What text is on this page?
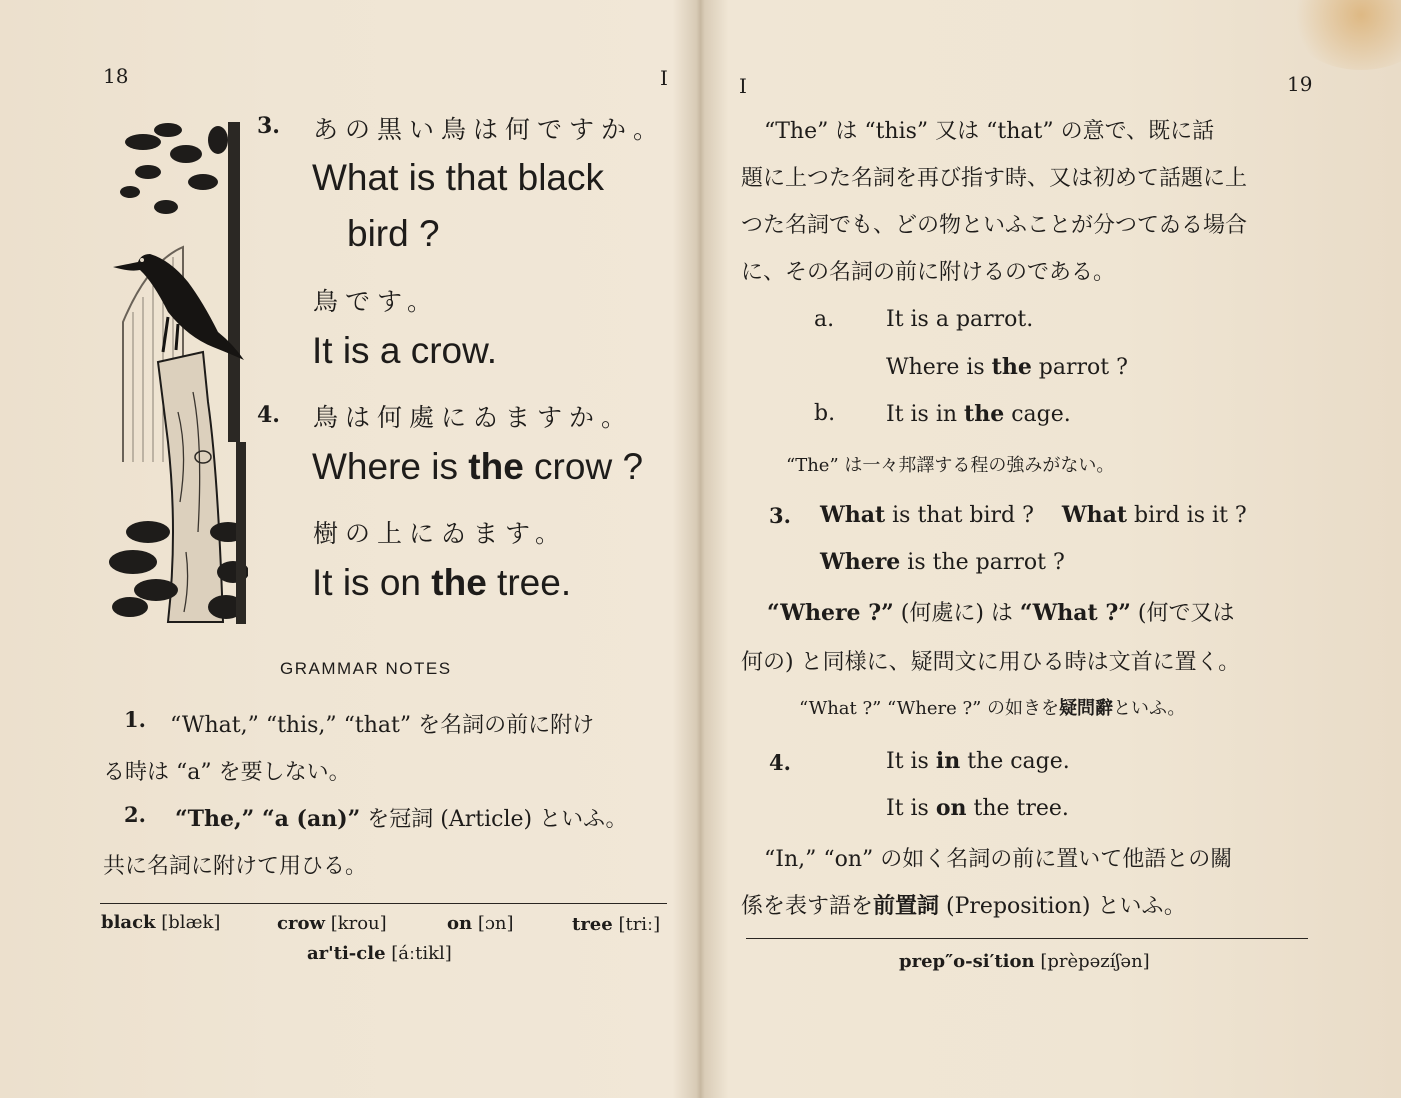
18	I
3. あの黒い鳥は何ですか。
What is that black
bird ?
鳥です。
It is a crow.
4. 鳥は何處にゐますか。
Where is the crow ?
樹の上にゐます。
It is on the tree.
GRAMMAR NOTES
1. “What,” “this,” “that” を名詞の前に附け
る時は “a” を要しない。
2. “The,” “a (an)” を冠詞 (Article) といふ。
共に名詞に附けて用ひる。
black [blæk]	crow [krou]	on [ɔn]	tree [triː]
ar'ti-cle [áːtikl]
I	19
“The” は “this” 又は “that” の意で、既に話
題に上つた名詞を再び指す時、又は初めて話題に上
つた名詞でも、どの物といふことが分つてゐる場合
に、その名詞の前に附けるのである。
a. It is a parrot.
Where is the parrot ?
b. It is in the cage.
“The” は一々邦譯する程の強みがない。
3. What is that bird ? What bird is it ?
Where is the parrot ?
“Where ?” (何處に) は “What ?” (何で又は
何の) と同様に、疑問文に用ひる時は文首に置く。
“What ?” “Where ?” の如きを疑問辭といふ。
4.	It is in the cage.
It is on the tree.
“In,” “on” の如く名詞の前に置いて他語との關
係を表す語を前置詞 (Preposition) といふ。
prep″o-si′tion [prèpəzíʃən]
